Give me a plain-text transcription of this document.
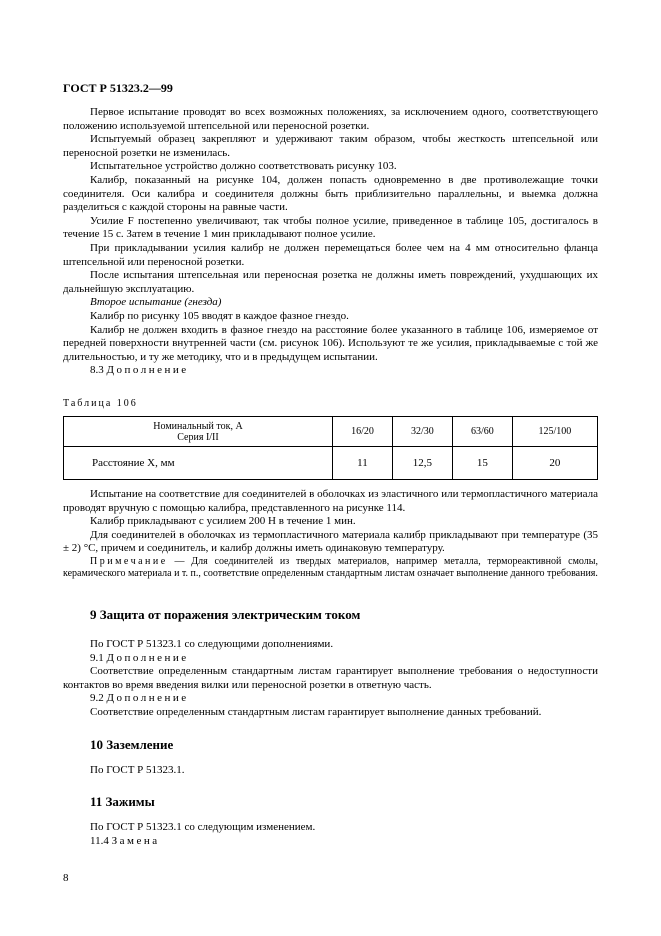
ГОСТ Р 51323.2—99

Первое испытание проводят во всех возможных положениях, за исключением одного, соответствующего положению используемой штепсельной или переносной розетки.

Испытуемый образец закрепляют и удерживают таким образом, чтобы жесткость штепсельной или переносной розетки не изменилась.

Испытательное устройство должно соответствовать рисунку 103.

Калибр, показанный на рисунке 104, должен попасть одновременно в две противолежащие точки соединителя. Оси калибра и соединителя должны быть приблизительно параллельны, и выемка должна разделиться с каждой стороны на равные части.

Усилие F постепенно увеличивают, так чтобы полное усилие, приведенное в таблице 105, достигалось в течение 15 с. Затем в течение 1 мин прикладывают полное усилие.

При прикладывании усилия калибр не должен перемещаться более чем на 4 мм относительно фланца штепсельной или переносной розетки.

После испытания штепсельная или переносная розетка не должны иметь повреждений, ухудшающих их дальнейшую эксплуатацию.

Второе испытание (гнезда)

Калибр по рисунку 105 вводят в каждое фазное гнездо.

Калибр не должен входить в фазное гнездо на расстояние более указанного в таблице 106, измеряемое от передней поверхности внутренней части (см. рисунок 106). Используют те же усилия, прикладываемые с той же длительностью, и ту же методику, что и в предыдущем испытании.

8.3 Дополнение

Таблица 106
Номинальный ток, А
Серия I/II	16/20	32/30	63/60	125/100
Расстояние X, мм	11	12,5	15	20

Испытание на соответствие для соединителей в оболочках из эластичного или термопластичного материала проводят вручную с помощью калибра, представленного на рисунке 114.

Калибр прикладывают с усилием 200 Н в течение 1 мин.

Для соединителей в оболочках из термопластичного материала калибр прикладывают при температуре (35 ± 2) °С, причем и соединитель, и калибр должны иметь одинаковую температуру.

Примечание — Для соединителей из твердых материалов, например металла, термореактивной смолы, керамического материала и т. п., соответствие определенным стандартным листам означает выполнение данного требования.

9 Защита от поражения электрическим током

По ГОСТ Р 51323.1 со следующими дополнениями.

9.1 Дополнение

Соответствие определенным стандартным листам гарантирует выполнение требования о недоступности контактов во время введения вилки или переносной розетки в ответную часть.

9.2 Дополнение

Соответствие определенным стандартным листам гарантирует выполнение данных требований.

10 Заземление

По ГОСТ Р 51323.1.

11 Зажимы

По ГОСТ Р 51323.1 со следующим изменением.

11.4 Замена

8
